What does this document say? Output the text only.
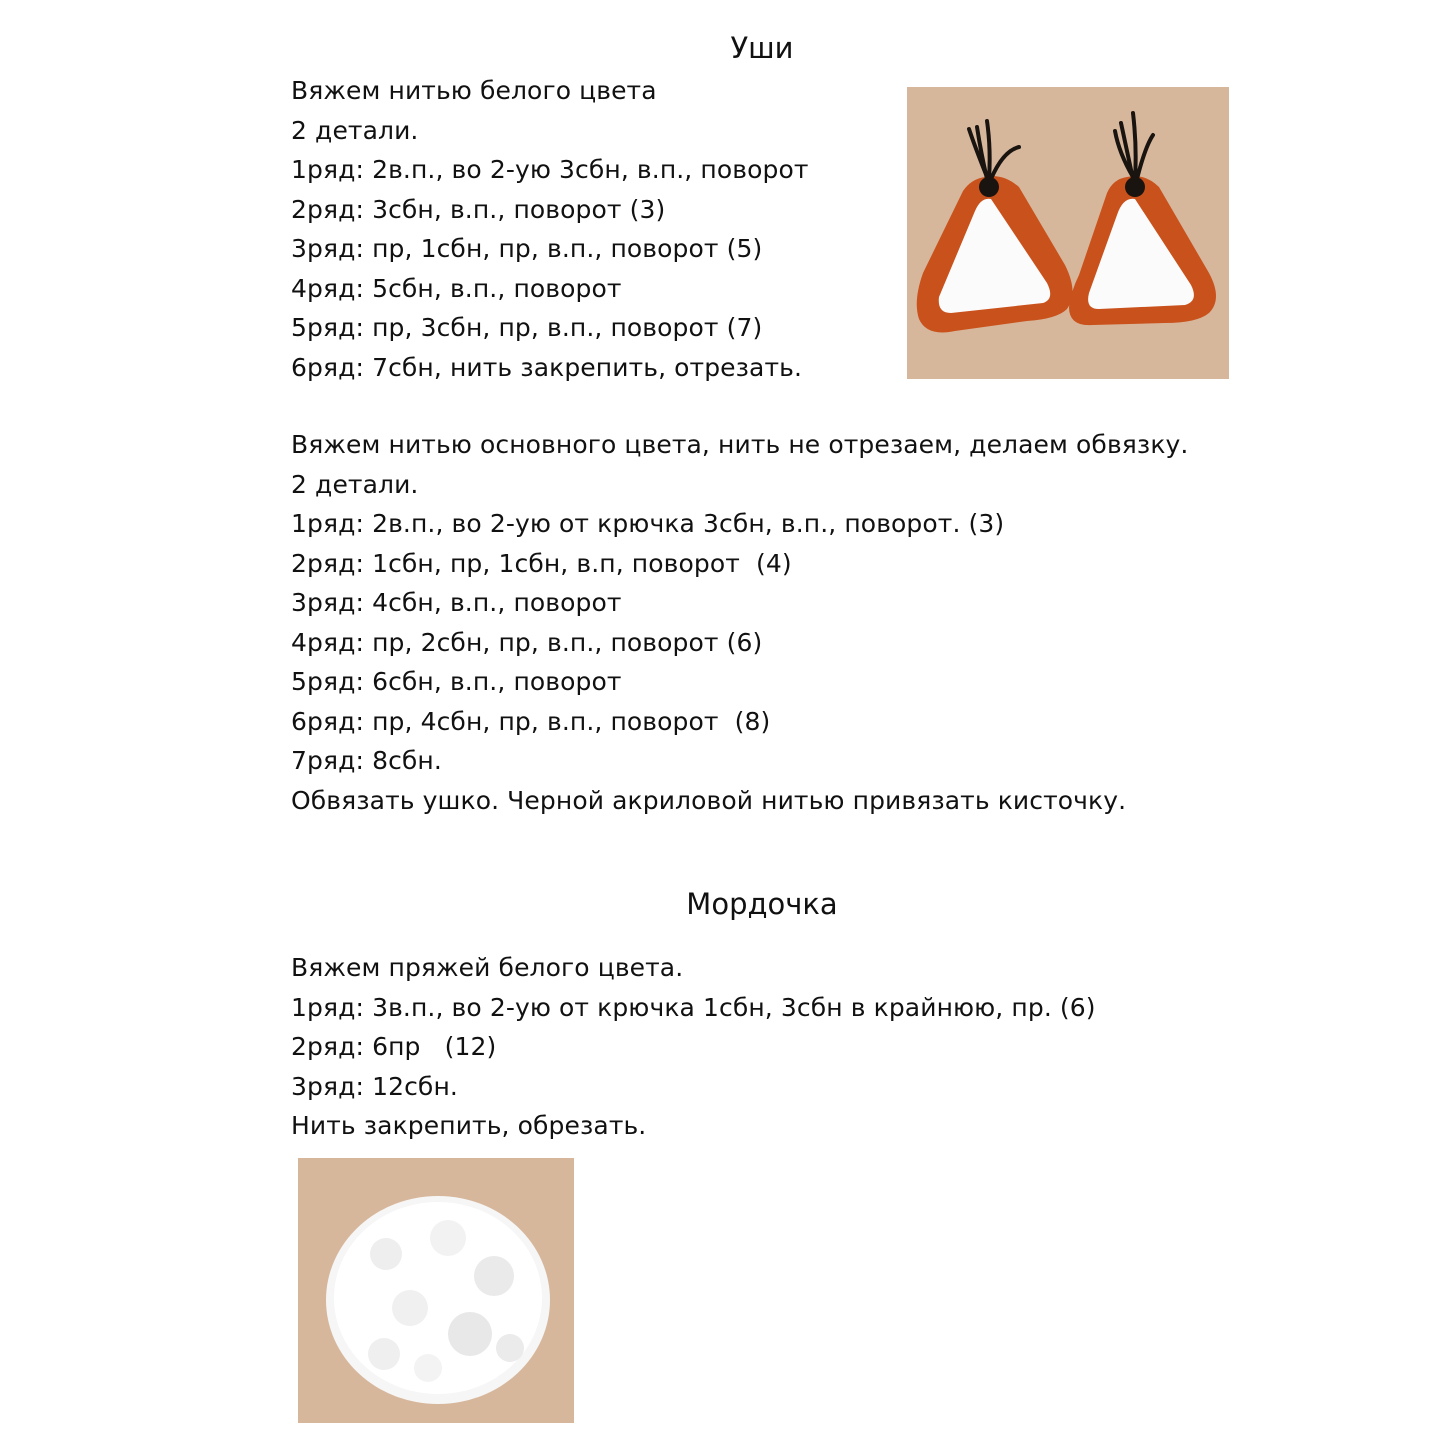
Уши
Вяжем нитью белого цвета
2 детали.
1ряд: 2в.п., во 2-ую 3сбн, в.п., поворот
2ряд: 3сбн, в.п., поворот (3)
3ряд: пр, 1сбн, пр, в.п., поворот (5)
4ряд: 5сбн, в.п., поворот
5ряд: пр, 3сбн, пр, в.п., поворот (7)
6ряд: 7сбн, нить закрепить, отрезать.
Вяжем нитью основного цвета, нить не отрезаем, делаем обвязку.
2 детали.
1ряд: 2в.п., во 2-ую от крючка 3сбн, в.п., поворот. (3)
2ряд: 1сбн, пр, 1сбн, в.п, поворот  (4)
3ряд: 4сбн, в.п., поворот
4ряд: пр, 2сбн, пр, в.п., поворот (6)
5ряд: 6сбн, в.п., поворот
6ряд: пр, 4сбн, пр, в.п., поворот  (8)
7ряд: 8сбн.
Обвязать ушко. Черной акриловой нитью привязать кисточку.
Мордочка
Вяжем пряжей белого цвета.
1ряд: 3в.п., во 2-ую от крючка 1сбн, 3сбн в крайнюю, пр. (6)
2ряд: 6пр   (12)
3ряд: 12сбн.
Нить закрепить, обрезать.
